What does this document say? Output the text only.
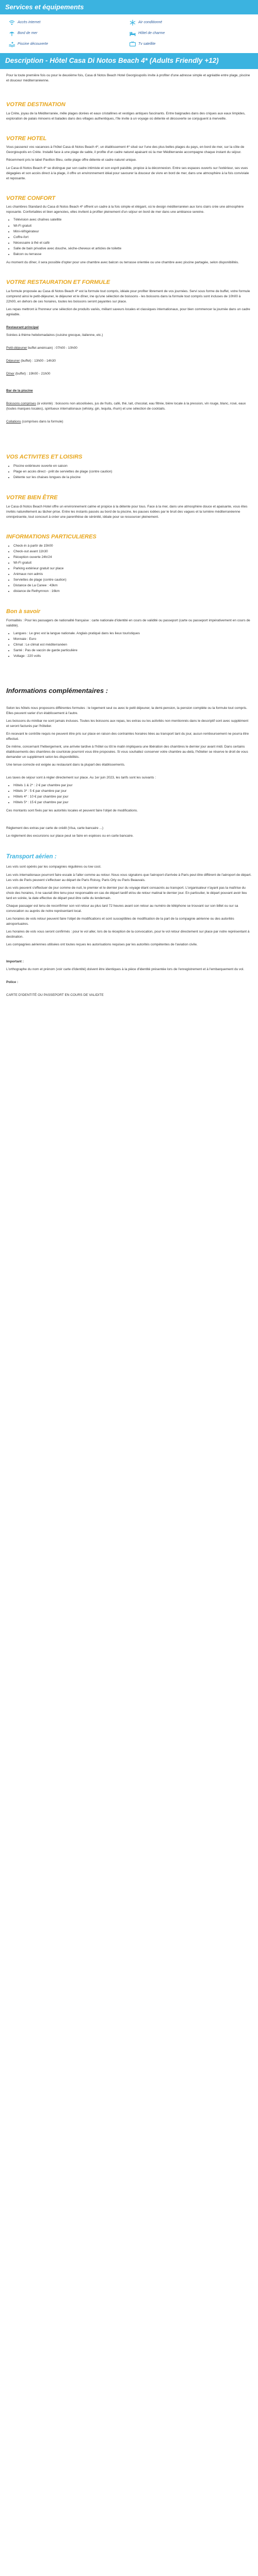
Services et équipements
Accès internet	Air conditionné
Bord de mer	Hôtel de charme
Piscine découverte	Tv satellite
Description - Hôtel Casa Di Notos Beach 4* (Adults Friendly +12)

Pour la toute première fois ou pour le deuxième fois, Casa di Notos Beach Hotel Georgioupolis invite à profiter d'une adresse simple et agréable entre plage, piscine et douceur méditerranéenne.

VOTRE DESTINATION

La Crète, joyau de la Méditerranée, mêle plages dorées et eaux cristallines et vestiges antiques fascinants. Entre baignades dans des criques aux eaux limpides, exploration de palais minoens et balades dans des villages authentiques, l'île invite à un voyage où détente et découverte se conjuguent à merveille.

VOTRE HOTEL

Vous passerez vos vacances à l'hôtel Casa di Notos Beach 4*, un établissement 4* situé sur l'une des plus belles plages du pays, en bord de mer, sur la côte de Georgioupolis en Crète. Installé face à une plage de sable, il profite d'un cadre naturel apaisant où la mer Méditerranée accompagne chaque instant du séjour.

Récemment pris le label Pavillon Bleu, cette plage offre détente et cadre naturel unique.

Le Casa di Notos Beach 4* se distingue par son cadre intimiste et son esprit paisible, propice à la déconnexion. Entre ses espaces ouverts sur l'extérieur, ses vues dégagées et son accès direct à la plage, il offre un environnement idéal pour savourer la douceur de vivre en bord de mer, dans une atmosphère à la fois conviviale et reposante.

VOTRE CONFORT

Les chambres Standard du Casa di Notos Beach 4* offrent un cadre à la fois simple et élégant, où le design méditerranéen aux tons clairs crée une atmosphère reposante. Confortables et bien agencées, elles invitent à profiter pleinement d'un séjour en bord de mer dans une ambiance sereine.

• Télévision avec chaînes satellite
• Wi-Fi gratuit
• Mini-réfrigérateur
• Coffre-fort
• Nécessaire à thé et café
• Salle de bain privative avec douche, sèche-cheveux et articles de toilette
• Balcon ou terrasse

Au moment du dîner, il sera possible d'opter pour une chambre avec balcon ou terrasse orientée ou une chambre avec piscine partagée, selon disponibilités.

VOTRE RESTAURATION ET FORMULE

La formule proposée au Casa di Notos Beach 4* est la formule tout compris, idéale pour profiter librement de vos journées. Servi sous forme de buffet, votre formule comprend ainsi le petit-déjeuner, le déjeuner et le dîner, ine qu'une sélection de boissons - les boissons dans la formule tout compris sont incluses de 10h00 à 22h00, en dehors de ces horaires, toutes les boissons seront payantes sur place.

Les repas mettront à l'honneur une sélection de produits variés, mêlant saveurs locales et classiques internationaux, pour bien commencer la journée dans un cadre agréable.

Restaurant principal

Soirées à thème hebdomadaires (cuisine grecque, italienne, etc.)

Petit-déjeuner buffet américain) : 07h00 - 10h00

Déjeuner (buffet) : 13h00 - 14h30

Dîner (buffet) : 19h00 - 21h00

Bar de la piscine

Boissons comprises (à volonté) : boissons non alcoolisées, jus de fruits, café, thé, lait, chocolat, eau filtrée, bière locale à la pression, vin rouge, blanc, rosé, eaux (toutes marques locales), spiritueux internationaux (whisky, gin, tequila, rhum) et une sélection de cocktails.

Collations (comprises dans la formule)

VOS ACTIVITES ET LOISIRS
• Piscine extérieure ouverte en saison
• Plage en accès direct - prêt de serviettes de plage (contre caution)
• Détente sur les chaises longues de la piscine
VOTRE BIEN ÊTRE

Le Casa di Notos Beach Hotel offre un environnement calme et propice à la détente pour tous. Face à la mer, dans une atmosphère douce et apaisante, vous êtes invités naturellement au lâcher-prise. Entre les instants passés au bord de la piscine, les pauses iodées par le bruit des vagues et la lumière méditerranéenne omniprésente, tout concourt à créer une parenthèse de sérénité, idéale pour se ressourcer pleinement.

INFORMATIONS PARTICULIERES
• Check-in à partir de 15h00
• Check-out avant 11h30
• Réception ouverte 24h/24
• Wi-Fi gratuit
• Parking extérieur gratuit sur place
• Animaux non admis
• Serviettes de plage (contre caution)
• Distance de La Canee : 43km
• distance de Rethymnon : 16km
Bon à savoir

Formalités : Pour les passagers de nationalité française : carte nationale d'identité en cours de validité ou passeport (carte ou passeport impérativement en cours de validité).

• Langues : Le grec est la langue nationale. Anglais pratiqué dans les lieux touristiques
• Monnaie : Euro
• Climat : Le climat est méditerranéen
• Santé : Pas de vaccin de garde particulière
• Voltage : 220 volts
Informations complémentaires :

Selon les hôtels nous proposons différentes formules : le logement seul ou avec le petit déjeuner, la demi-pension, la pension complète ou la formule tout compris. Elles peuvent varier d'un établissement à l'autre.

Les boissons du minibar ne sont jamais incluses. Toutes les boissons aux repas, les extras ou les activités non mentionnés dans le descriptif sont avec supplément et seront facturés par l'hôtelier.

En recevant le contrôle requis ne peuvent être pris sur place en raison des contraintes horaires liées au transport tant du jour, aucun remboursement ne pourra être effectué.

De même, concernant l'hébergement, une arrivée tardive à l'hôtel ou tôt le matin impliquera une libération des chambres le dernier jour avant midi. Dans certains établissements des chambres de courtoisie pourront vous être proposées. Si vous souhaitez conserver votre chambre au-delà, l'hôtelier se réserve le droit de vous demander un supplément selon les disponibilités.

Une tenue correcte est exigée au restaurant dans la plupart des établissements.

Les taxes de séjour sont à régler directement sur place. Au 1er juin 2023, les tarifs sont les suivants :

• Hôtels 1 & 2* : 2 € par chambre par jour
• Hôtels 3* : 5 € par chambre par jour
• Hôtels 4* : 10 € par chambre par jour
• Hôtels 5* : 15 € par chambre par jour

Ces montants sont fixés par les autorités locales et peuvent faire l'objet de modifications.

Règlement des extras par carte de crédit (Visa, carte bancaire ...)

Le règlement des excursions sur place peut se faire en espèces ou en carte bancaire.

Transport aérien :

Les vols sont opérés par les compagnies régulières ou low cost.

Les vols internationaux pourront faire escale à l'aller comme au retour. Nous vous signalons que l'aéroport d'arrivée à Paris peut être différent de l'aéroport de départ. Les vols de Paris peuvent s'effectuer au départ de Paris Roissy, Paris Orly ou Paris Beauvais.

Les vols peuvent s'effectuer de jour comme de nuit, le premier et le dernier jour du voyage étant consacrés au transport. L'organisateur n'ayant pas la maîtrise du choix des horaires, il ne saurait être tenu pour responsable en cas de départ tardif et/ou de retour matinal le dernier jour. En particulier, le départ pouvant avoir lieu tard en soirée, la date effective de départ peut être celle du lendemain.

Chaque passager est tenu de reconfirmer son vol retour au plus tard 72 heures avant son retour au numéro de téléphone se trouvant sur son billet ou sur sa convocation ou auprès de notre représentant local.

Les horaires de vols retour peuvent faire l'objet de modifications et sont susceptibles de modification de la part de la compagnie aérienne ou des autorités aéroportuaires.

Les horaires de vols vous seront confirmés : pour le vol aller, lors de la réception de la convocation, pour le vol retour directement sur place par notre représentant à destination.

Les compagnies aériennes utilisées ont toutes reçues les autorisations requises par les autorités compétentes de l'aviation civile.

Important :

L'orthographe du nom et prénom (voir carte d'identité) doivent être identiques à la pièce d'identité présentée lors de l'enregistrement et à l'embarquement du vol.

Police :

CARTE D'IDENTITÉ OU PASSEPORT EN COURS DE VALIDITE
